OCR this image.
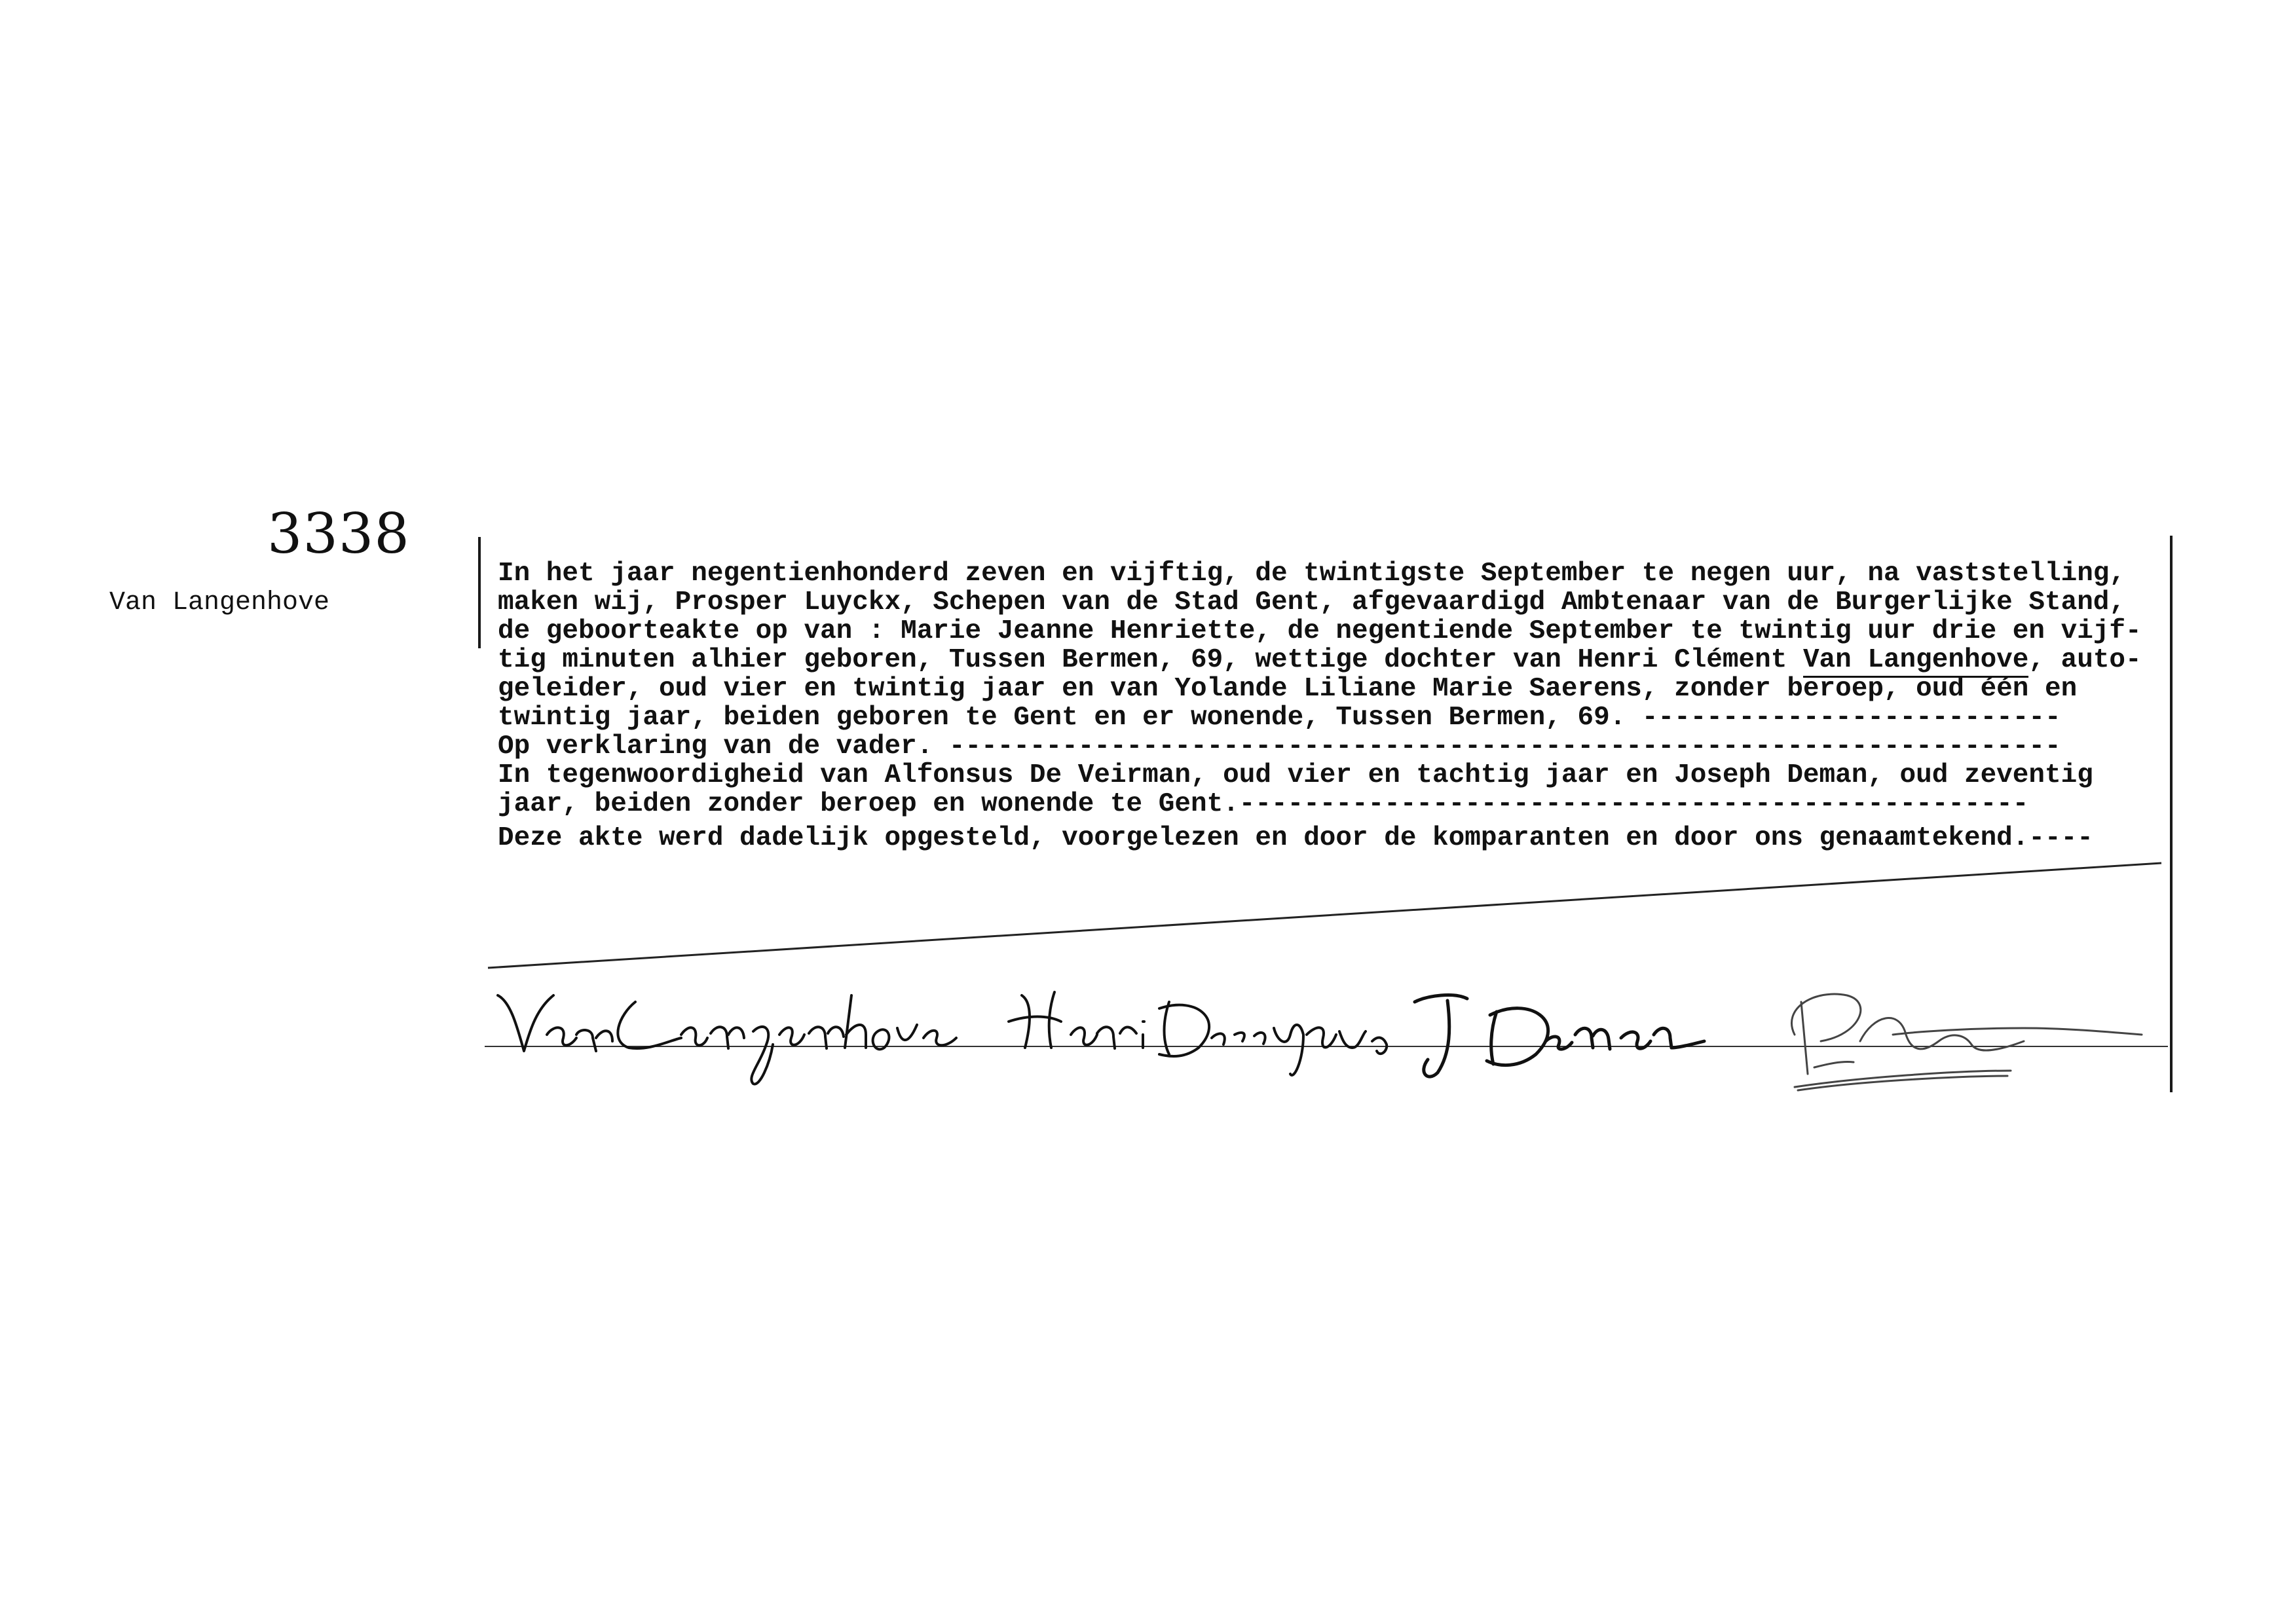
3338
Van Langenhove
In het jaar negentienhonderd zeven en vijftig, de twintigste September te negen uur, na vaststelling,
maken wij, Prosper Luyckx, Schepen van de Stad Gent, afgevaardigd Ambtenaar van de Burgerlijke Stand,
de geboorteakte op van : Marie Jeanne Henriette, de negentiende September te twintig uur drie en vijf-
tig minuten alhier geboren, Tussen Bermen, 69, wettige dochter van Henri Clément Van Langenhove, auto-
geleider, oud vier en twintig jaar en van Yolande Liliane Marie Saerens, zonder beroep, oud één en
twintig jaar, beiden geboren te Gent en er wonende, Tussen Bermen, 69. --------------------------
Op verklaring van de vader. ---------------------------------------------------------------------
In tegenwoordigheid van Alfonsus De Veirman, oud vier en tachtig jaar en Joseph Deman, oud zeventig
jaar, beiden zonder beroep en wonende te Gent.-------------------------------------------------
Deze akte werd dadelijk opgesteld, voorgelezen en door de komparanten en door ons genaamtekend.----
